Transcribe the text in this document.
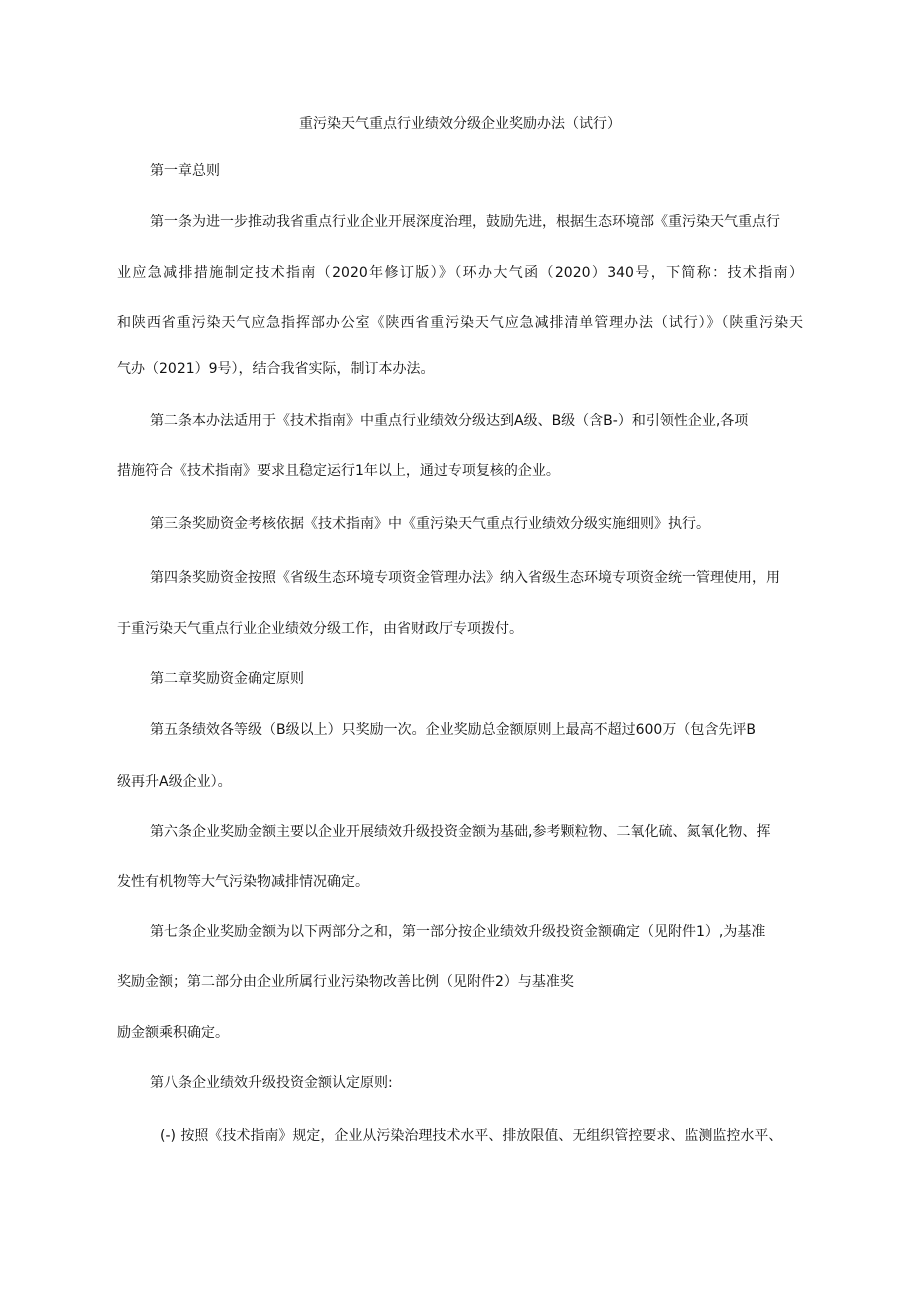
重污染天气重点行业绩效分级企业奖励办法（试行）
第一章总则
第一条为进一步推动我省重点行业企业开展深度治理，鼓励先进，根据生态环境部《重污染天气重点行
业应急减排措施制定技术指南（2020年修订版）》（环办大气函（2020）340号，下简称：技术指南）
和陕西省重污染天气应急指挥部办公室《陕西省重污染天气应急减排清单管理办法（试行）》（陕重污染天
气办（2021）9号），结合我省实际，制订本办法。
第二条本办法适用于《技术指南》中重点行业绩效分级达到A级、B级（含B-）和引领性企业,各项
措施符合《技术指南》要求且稳定运行1年以上，通过专项复核的企业。
第三条奖励资金考核依据《技术指南》中《重污染天气重点行业绩效分级实施细则》执行。
第四条奖励资金按照《省级生态环境专项资金管理办法》纳入省级生态环境专项资金统一管理使用，用
于重污染天气重点行业企业绩效分级工作，由省财政厅专项拨付。
第二章奖励资金确定原则
第五条绩效各等级（B级以上）只奖励一次。企业奖励总金额原则上最高不超过600万（包含先评B
级再升A级企业）。
第六条企业奖励金额主要以企业开展绩效升级投资金额为基础,参考颗粒物、二氧化硫、氮氧化物、挥
发性有机物等大气污染物减排情况确定。
第七条企业奖励金额为以下两部分之和，第一部分按企业绩效升级投资金额确定（见附件1）,为基准
奖励金额；第二部分由企业所属行业污染物改善比例（见附件2）与基准奖
励金额乘积确定。
第八条企业绩效升级投资金额认定原则:
(-) 按照《技术指南》规定，企业从污染治理技术水平、排放限值、无组织管控要求、监测监控水平、
